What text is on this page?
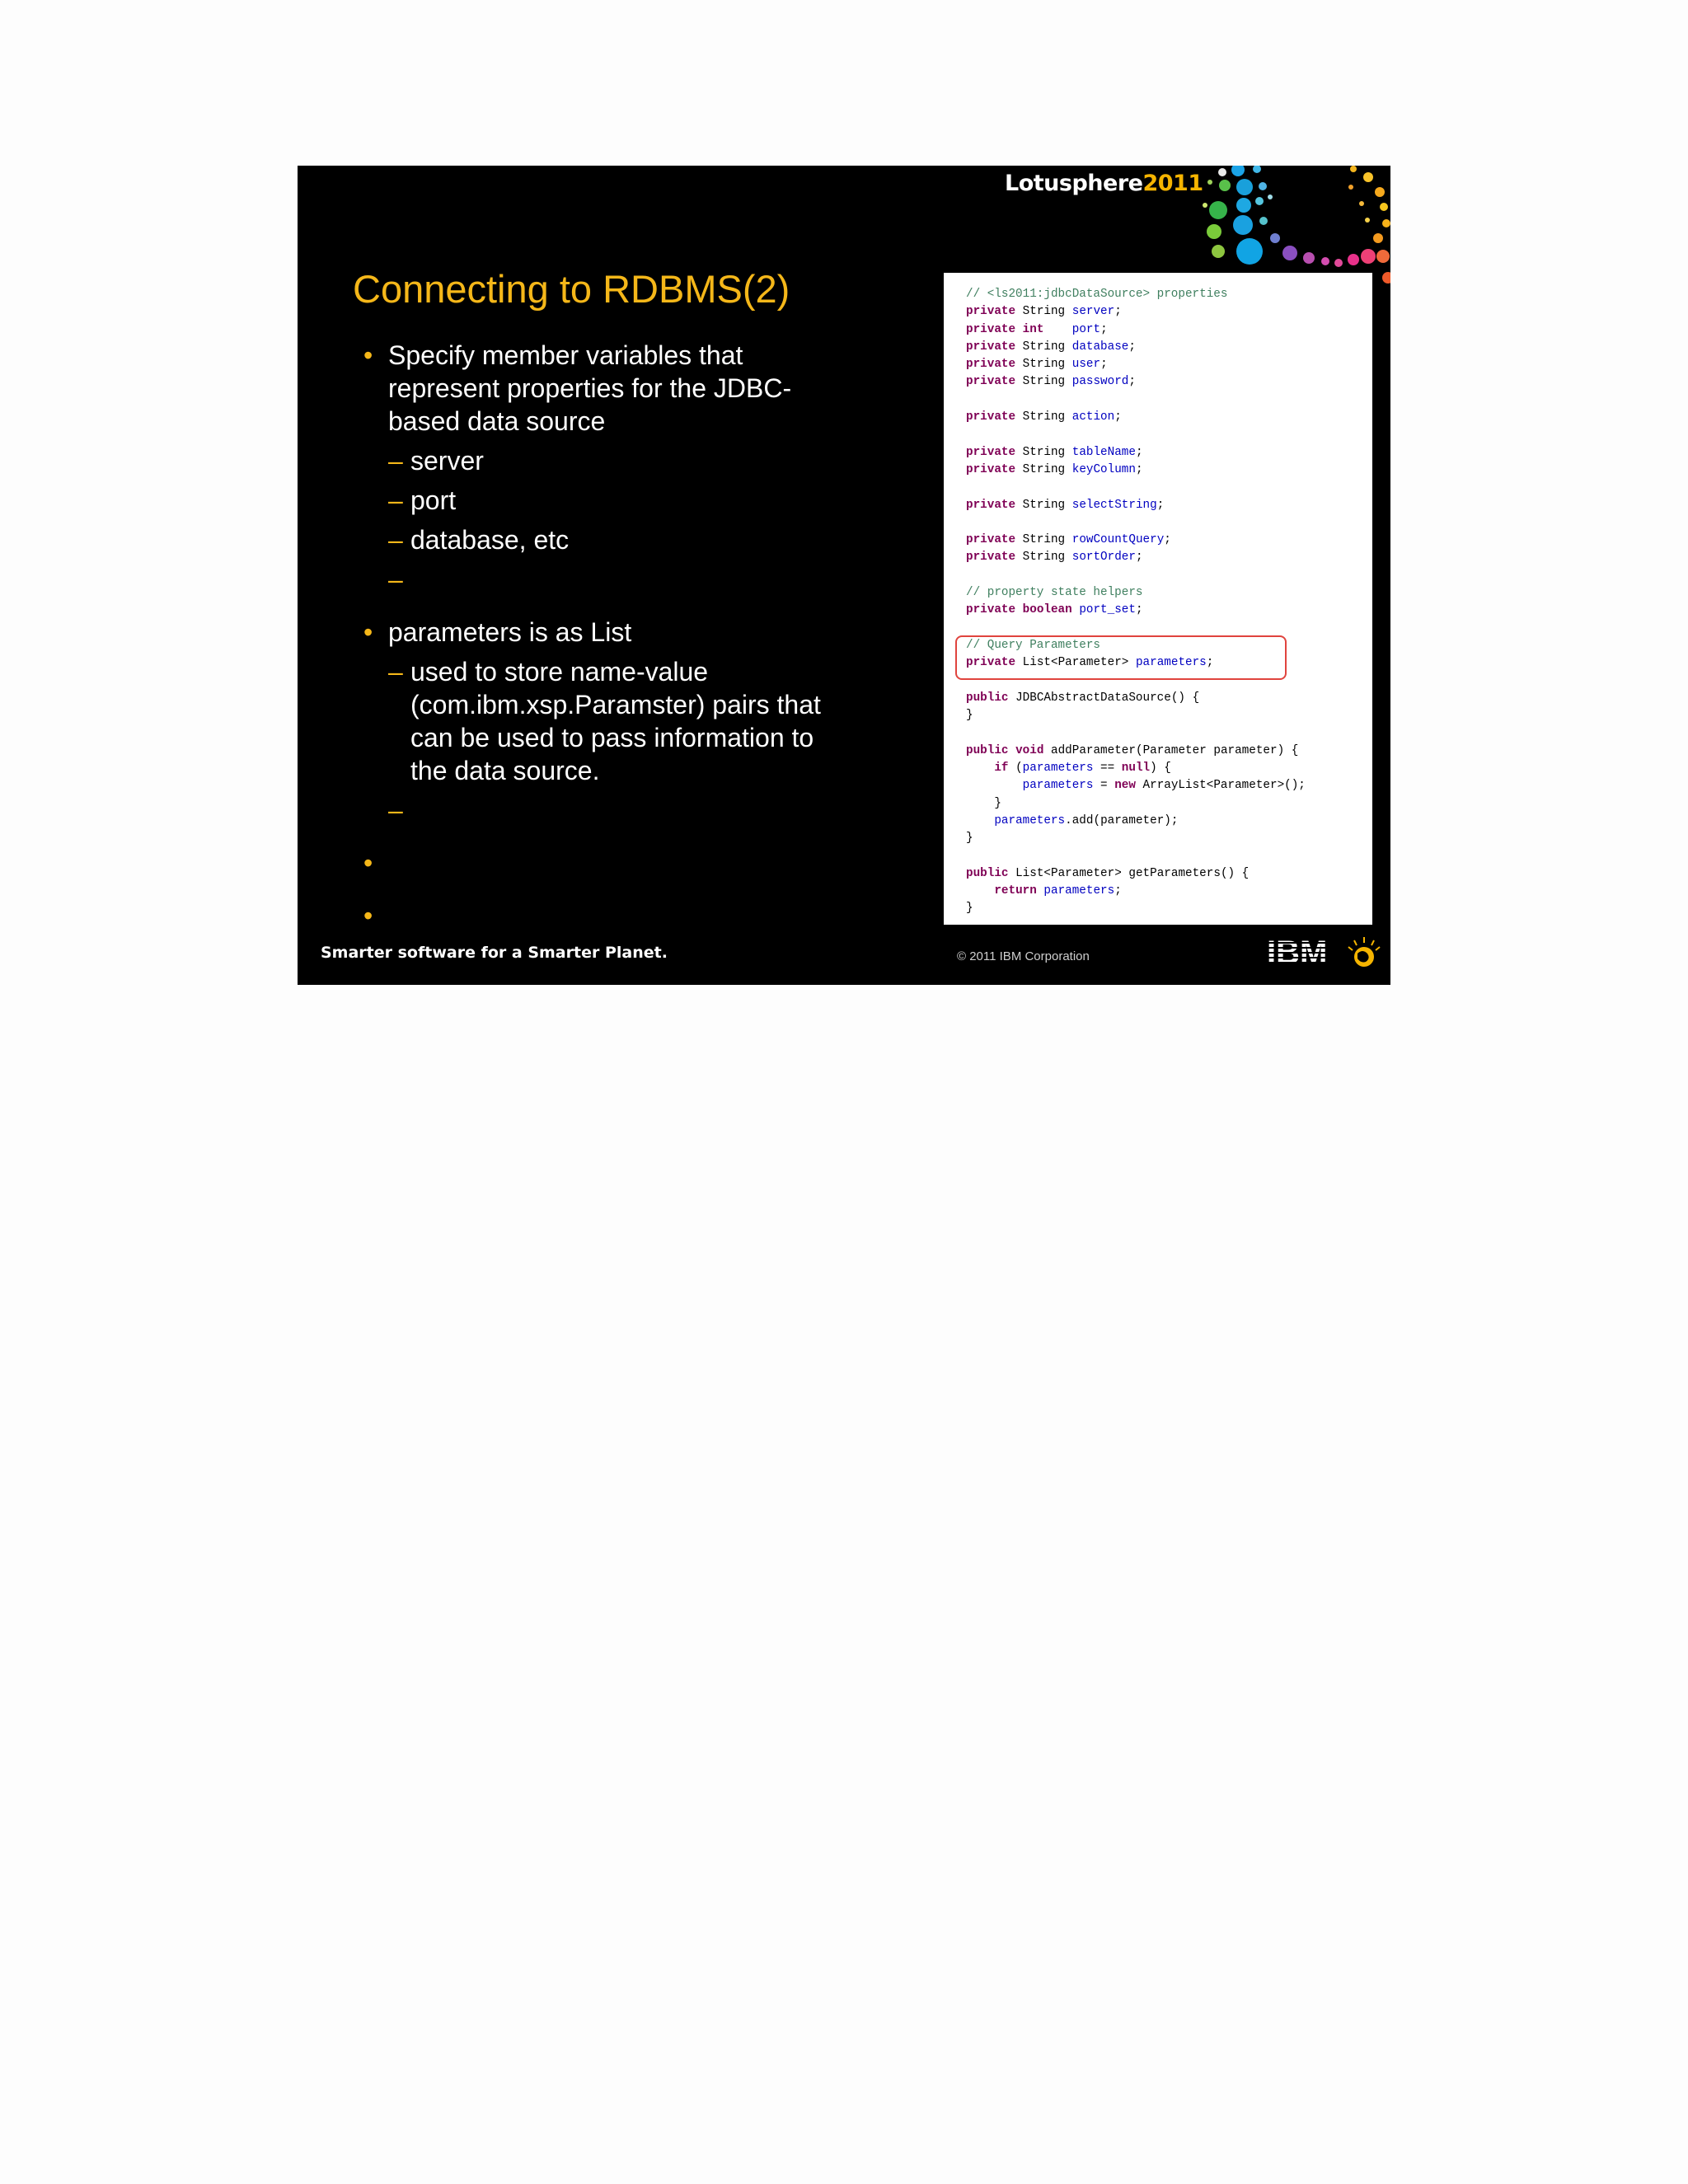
Lotusphere2011
Connecting to RDBMS(2)
• Specify member variables that represent properties for the JDBC-based data source
– server
– port
– database, etc
–
• parameters is as List
– used to store name-value (com.ibm.xsp.Paramster) pairs that can be used to pass information to the data source.
–
•
•
// <ls2011:jdbcDataSource> properties
private String server;
private int port;
private String database;
private String user;
private String password;
private String action;
private String tableName;
private String keyColumn;
private String selectString;
private String rowCountQuery;
private String sortOrder;
// property state helpers
private boolean port_set;
// Query Parameters
private List<Parameter> parameters;
public JDBCAbstractDataSource() {
}
public void addParameter(Parameter parameter) {
if (parameters == null) {
parameters = new ArrayList<Parameter>();
}
parameters.add(parameter);
}
public List<Parameter> getParameters() {
return parameters;
}
Smarter software for a Smarter Planet.	© 2011 IBM Corporation
